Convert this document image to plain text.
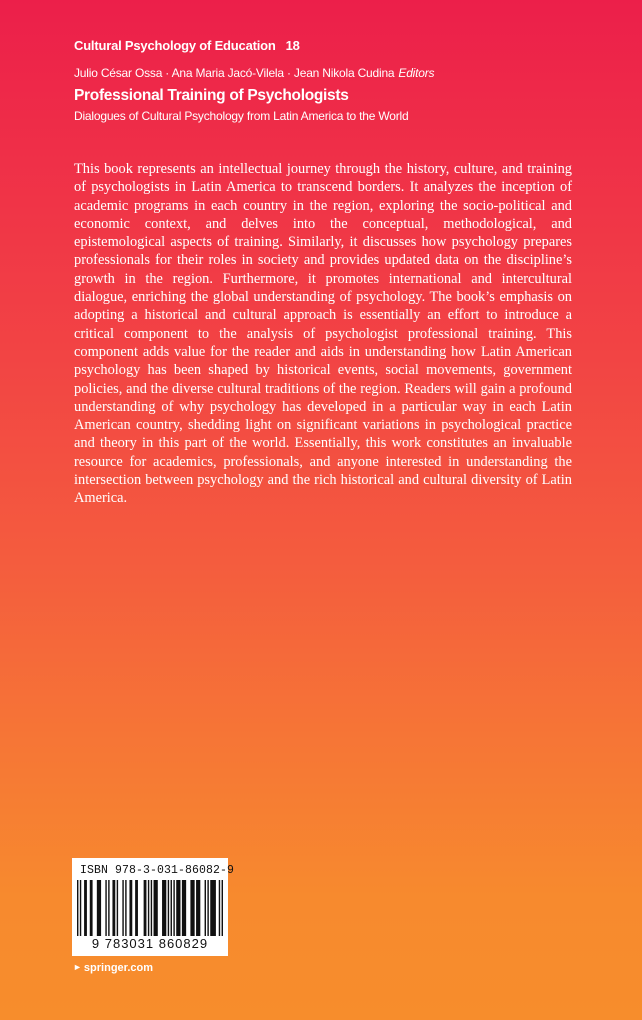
Cultural Psychology of Education 18
Julio César Ossa · Ana Maria Jacó-Vilela · Jean Nikola Cudina Editors
Professional Training of Psychologists
Dialogues of Cultural Psychology from Latin America to the World

This book represents an intellectual journey through the history, culture, and training of psychologists in Latin America to transcend borders. It analyzes the inception of academic programs in each country in the region, exploring the socio-political and economic context, and delves into the conceptual, methodological, and epistemological aspects of training. Similarly, it discusses how psychology prepares professionals for their roles in society and provides updated data on the discipline’s growth in the region. Furthermore, it promotes international and intercultural dialogue, enriching the global understanding of psychology. The book’s emphasis on adopting a historical and cultural approach is essentially an effort to introduce a critical component to the analysis of psychologist professional training. This component adds value for the reader and aids in understanding how Latin American psychology has been shaped by historical events, social movements, government policies, and the diverse cultural traditions of the region. Readers will gain a profound understanding of why psychology has developed in a particular way in each Latin American country, shedding light on significant variations in psychological practice and theory in this part of the world. Essentially, this work constitutes an invaluable resource for academics, professionals, and anyone interested in understanding the intersection between psychology and the rich historical and cultural diversity of Latin America.

ISBN 978-3-031-86082-9
9 783031 860829
► springer.com
